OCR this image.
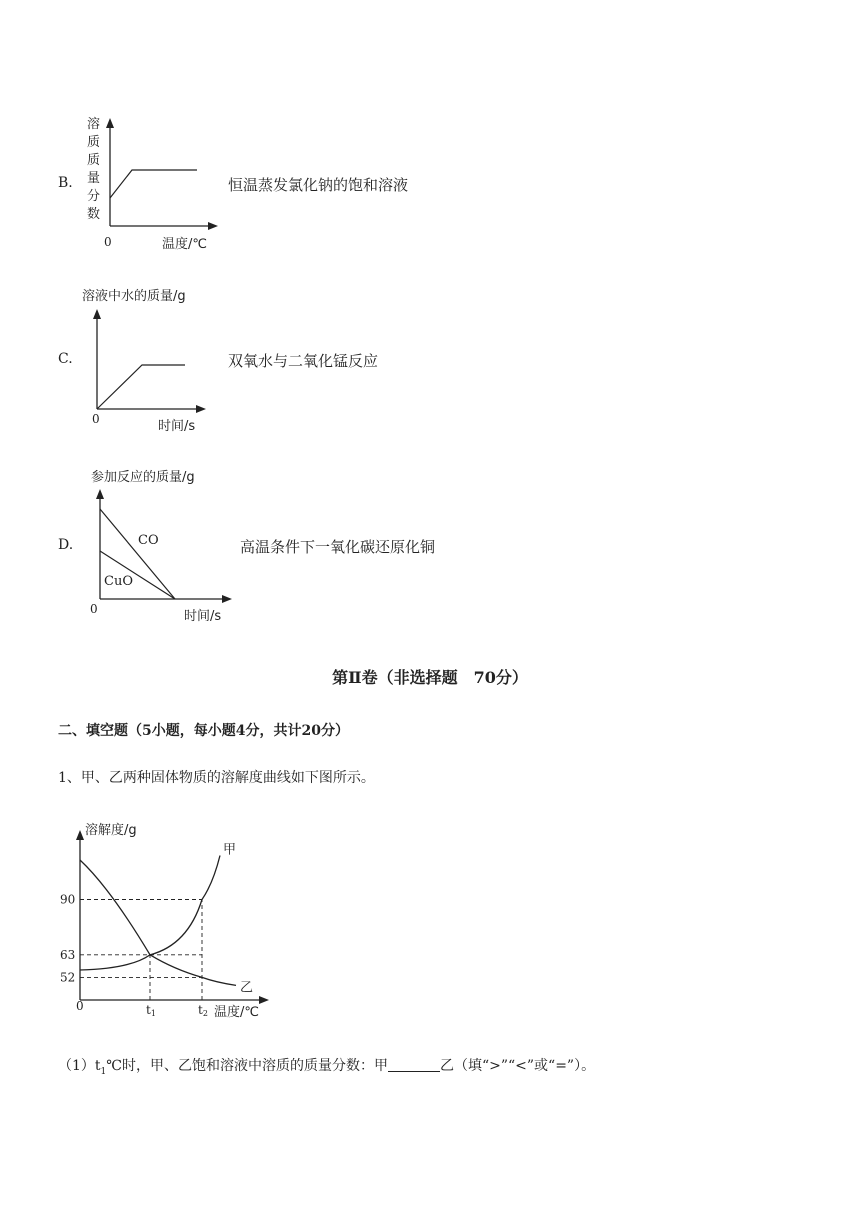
B.
溶
质
质
量
分
数
0	温度/℃
恒温蒸发氯化钠的饱和溶液
C.
溶液中水的质量/g
0	时间/s
双氧水与二氧化锰反应
D.
参加反应的质量/g
CO
CuO
0	时间/s
高温条件下一氧化碳还原化铜
第Ⅱ卷（非选择题　70分）
二、填空题（5小题，每小题4分，共计20分）
1、甲、乙两种固体物质的溶解度曲线如下图所示。
溶解度/g
温度/℃
0
52
63
90
t1	t2
甲
乙
$(1)t_1℃$时，甲、乙饱和溶液中溶质的质量分数：甲	乙（填“>”“<”或“=”）。
